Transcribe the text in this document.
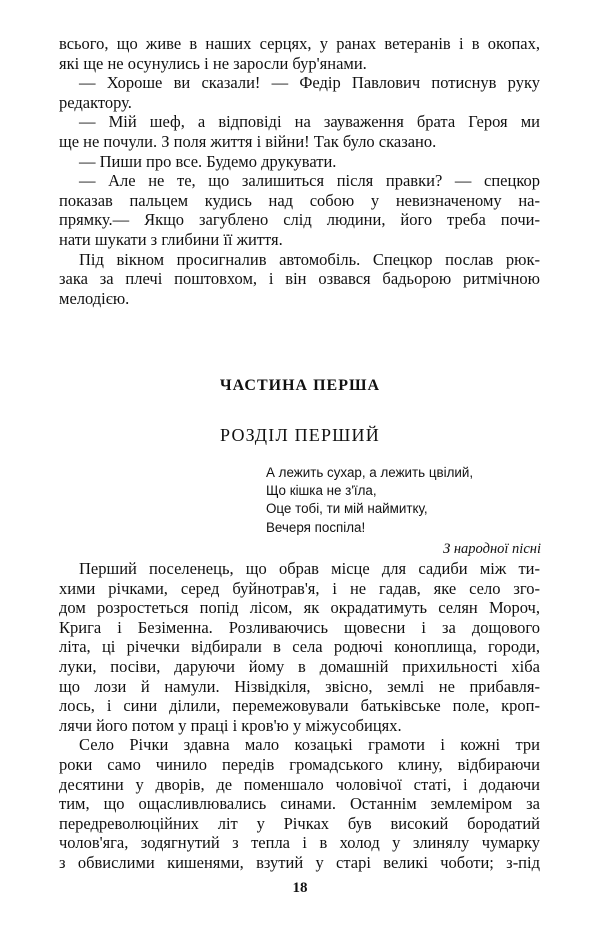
всього, що живе в наших серцях, у ранах ветеранів і в окопах,
які ще не осунулись і не заросли бур'янами.
— Хороше ви сказали! — Федір Павлович потиснув руку
редактору.
— Мій шеф, а відповіді на зауваження брата Героя ми
ще не почули. З поля життя і війни! Так було сказано.
— Пиши про все. Будемо друкувати.
— Але не те, що залишиться після правки? — спецкор
показав пальцем кудись над собою у невизначеному на-
прямку.— Якщо загублено слід людини, його треба почи-
нати шукати з глибини її життя.
Під вікном просигналив автомобіль. Спецкор послав рюк-
зака за плечі поштовхом, і він озвався бадьорою ритмічною
мелодією.
ЧАСТИНА ПЕРША
РОЗДІЛ ПЕРШИЙ
А лежить сухар, а лежить цвілий,
Що кішка не з'їла,
Оце тобі, ти мій наймитку,
Вечеря поспіла!
З народної пісні
Перший поселенець, що обрав місце для садиби між ти-
хими річками, серед буйнотрав'я, і не гадав, яке село зго-
дом розростеться попід лісом, як окрадатимуть селян Мороч,
Крига і Безіменна. Розливаючись щовесни і за дощового
літа, ці річечки відбирали в села родючі коноплища, городи,
луки, посіви, даруючи йому в домашній прихильності хіба
що лози й намули. Нізвідкіля, звісно, землі не прибавля-
лось, і сини ділили, перемежовували батьківське поле, кроп-
лячи його потом у праці і кров'ю у міжусобицях.
Село Річки здавна мало козацькі грамоти і кожні три
роки само чинило передів громадського клину, відбираючи
десятини у дворів, де поменшало чоловічої статі, і додаючи
тим, що ощасливлювались синами. Останнім землеміром за
передреволюційних літ у Річках був високий бородатий
чолов'яга, зодягнутий з тепла і в холод у злинялу чумарку
з обвислими кишенями, взутий у старі великі чоботи; з-під
18
